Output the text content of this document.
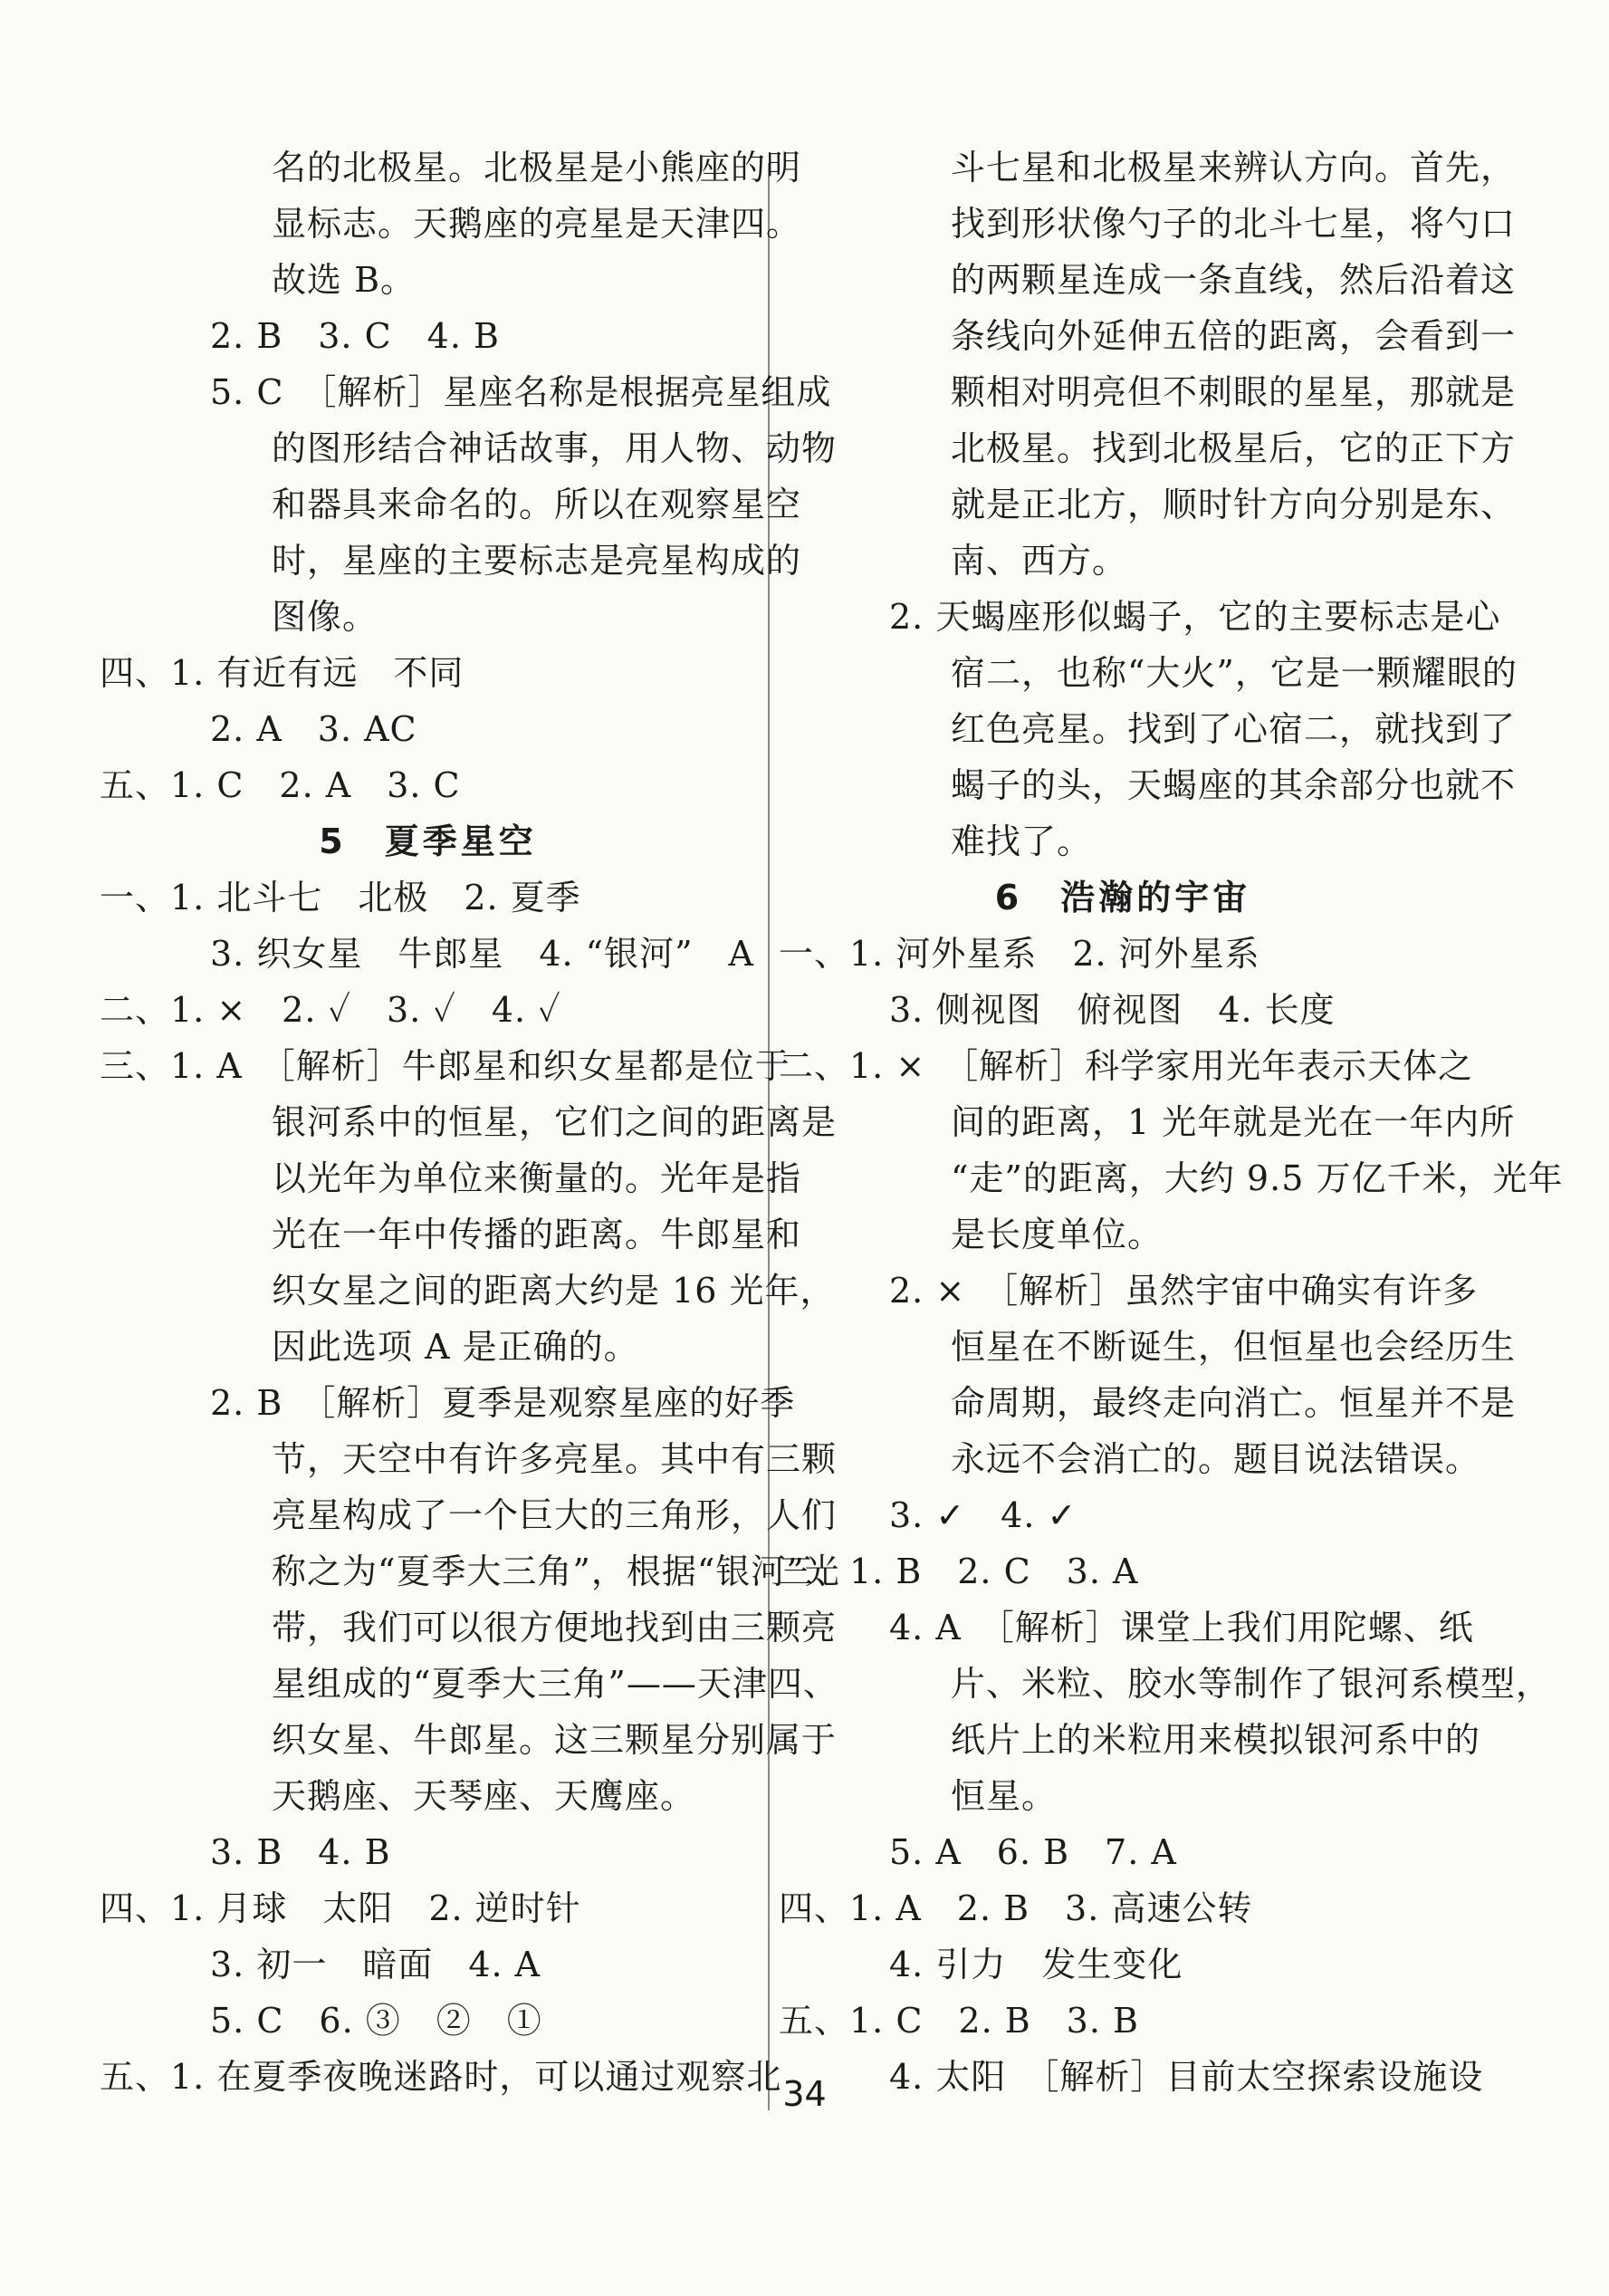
名的北极星。北极星是小熊座的明
显标志。天鹅座的亮星是天津四。
故选 B。
2. B　3. C　4. B
5. C　［解析］星座名称是根据亮星组成
的图形结合神话故事，用人物、动物
和器具来命名的。所以在观察星空
时，星座的主要标志是亮星构成的
图像。
四、1. 有近有远　不同
2. A　3. AC
五、1. C　2. A　3. C
5　夏季星空
一、1. 北斗七　北极　2. 夏季
3. 织女星　牛郎星　4. “银河”　A
二、1. ×　2. ✓　3. ✓　4. ✓
三、1. A　［解析］牛郎星和织女星都是位于
银河系中的恒星，它们之间的距离是
以光年为单位来衡量的。光年是指
光在一年中传播的距离。牛郎星和
织女星之间的距离大约是 16 光年，
因此选项 A 是正确的。
2. B　［解析］夏季是观察星座的好季
节，天空中有许多亮星。其中有三颗
亮星构成了一个巨大的三角形，人们
称之为“夏季大三角”，根据“银河”光
带，我们可以很方便地找到由三颗亮
星组成的“夏季大三角”——天津四、
织女星、牛郎星。这三颗星分别属于
天鹅座、天琴座、天鹰座。
3. B　4. B
四、1. 月球　太阳　2. 逆时针
3. 初一　暗面　4. A
5. C　6. ③　②　①
五、1. 在夏季夜晚迷路时，可以通过观察北
斗七星和北极星来辨认方向。首先，
找到形状像勺子的北斗七星，将勺口
的两颗星连成一条直线，然后沿着这
条线向外延伸五倍的距离，会看到一
颗相对明亮但不刺眼的星星，那就是
北极星。找到北极星后，它的正下方
就是正北方，顺时针方向分别是东、
南、西方。
2. 天蝎座形似蝎子，它的主要标志是心
宿二，也称“大火”，它是一颗耀眼的
红色亮星。找到了心宿二，就找到了
蝎子的头，天蝎座的其余部分也就不
难找了。
6　浩瀚的宇宙
一、1. 河外星系　2. 河外星系
3. 侧视图　俯视图　4. 长度
二、1. ×　［解析］科学家用光年表示天体之
间的距离，1 光年就是光在一年内所
“走”的距离，大约 9.5 万亿千米，光年
是长度单位。
2. ×　［解析］虽然宇宙中确实有许多
恒星在不断诞生，但恒星也会经历生
命周期，最终走向消亡。恒星并不是
永远不会消亡的。题目说法错误。
3. ✓　4. ✓
三、1. B　2. C　3. A
4. A　［解析］课堂上我们用陀螺、纸
片、米粒、胶水等制作了银河系模型，
纸片上的米粒用来模拟银河系中的
恒星。
5. A　6. B　7. A
四、1. A　2. B　3. 高速公转
4. 引力　发生变化
五、1. C　2. B　3. B
4. 太阳　［解析］目前太空探索设施设
34
